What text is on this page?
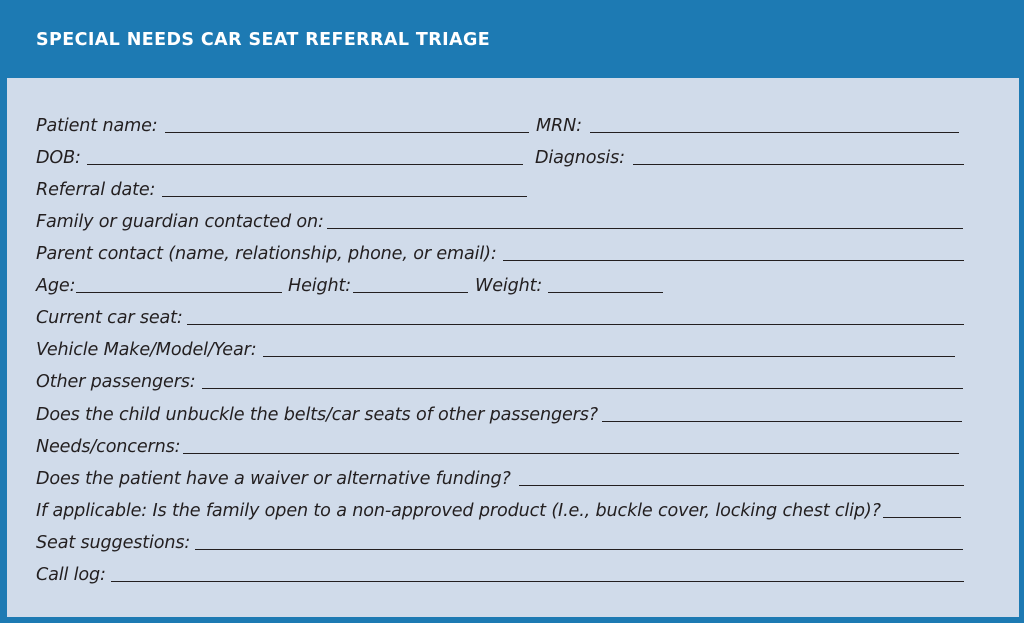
SPECIAL NEEDS CAR SEAT REFERRAL TRIAGE
Patient name:	MRN:
DOB:	Diagnosis:
Referral date:
Family or guardian contacted on:
Parent contact (name, relationship, phone, or email):
Age:	Height:	Weight:
Current car seat:
Vehicle Make/Model/Year:
Other passengers:
Does the child unbuckle the belts/car seats of other passengers?
Needs/concerns:
Does the patient have a waiver or alternative funding?
If applicable: Is the family open to a non-approved product (I.e., buckle cover, locking chest clip)?
Seat suggestions:
Call log:
